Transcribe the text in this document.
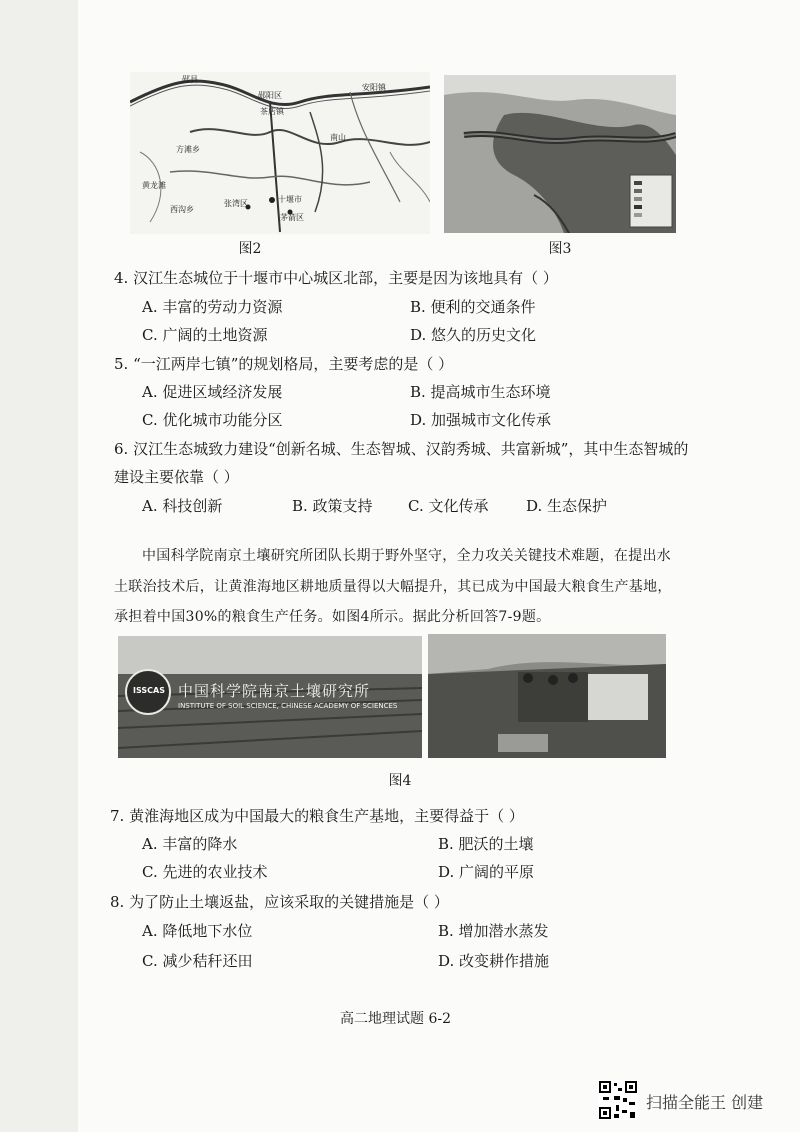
郧县
郧阳区
茶店镇
安阳镇
方滩乡
南山
黄龙滩
十堰市
西沟乡
张湾区
茅箭区
图2	图3
4. 汉江生态城位于十堰市中心城区北部，主要是因为该地具有（ ）
A. 丰富的劳动力资源	B. 便利的交通条件
C. 广阔的土地资源	D. 悠久的历史文化
5. “一江两岸七镇”的规划格局，主要考虑的是（ ）
A. 促进区域经济发展	B. 提高城市生态环境
C. 优化城市功能分区	D. 加强城市文化传承
6. 汉江生态城致力建设“创新名城、生态智城、汉韵秀城、共富新城”，其中生态智城的
建设主要依靠（ ）
A. 科技创新	B. 政策支持 C. 文化传承	D. 生态保护
中国科学院南京土壤研究所团队长期于野外坚守，全力攻关关键技术难题，在提出水
土联治技术后，让黄淮海地区耕地质量得以大幅提升，其已成为中国最大粮食生产基地，
承担着中国30%的粮食生产任务。如图4所示。据此分析回答7-9题。
ISSCAS 中国科学院南京土壤研究所
INSTITUTE OF SOIL SCIENCE, CHINESE ACADEMY OF SCIENCES
图4
7. 黄淮海地区成为中国最大的粮食生产基地，主要得益于（ ）
A. 丰富的降水	B. 肥沃的土壤
C. 先进的农业技术	D. 广阔的平原
8. 为了防止土壤返盐，应该采取的关键措施是（ ）
A. 降低地下水位	B. 增加潜水蒸发
C. 减少秸秆还田	D. 改变耕作措施
高二地理试题 6-2
扫描全能王 创建
